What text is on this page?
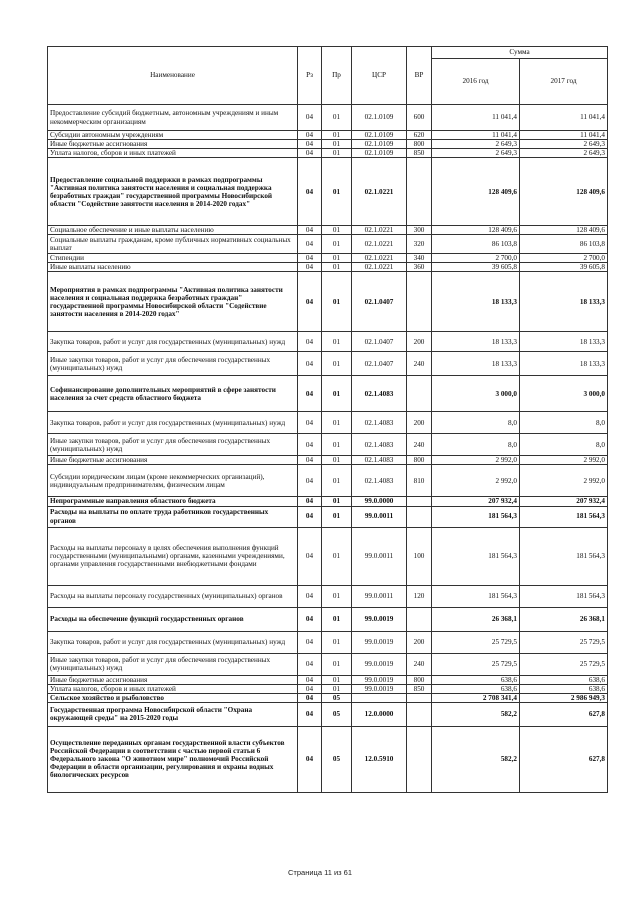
Наименование	Рз	Пр	ЦСР	ВР	Сумма	
					2016 год	2017 год
Предоставление субсидий бюджетным, автономным учреждениям и иным некоммерческим организациям	04	01	02.1.0109	600	11 041,4	11 041,4
Субсидии автономным учреждениям	04	01	02.1.0109	620	11 041,4	11 041,4
Иные бюджетные ассигнования	04	01	02.1.0109	800	2 649,3	2 649,3
Уплата налогов, сборов и иных платежей	04	01	02.1.0109	850	2 649,3	2 649,3
Предоставление социальной поддержки в рамках подпрограммы "Активная политика занятости населения и социальная поддержка безработных граждан" государственной программы Новосибирской области "Содействие занятости населения в 2014-2020 годах"	04	01	02.1.0221		128 409,6	128 409,6
Социальное обеспечение и иные выплаты населению	04	01	02.1.0221	300	128 409,6	128 409,6
Социальные выплаты гражданам, кроме публичных нормативных социальных выплат	04	01	02.1.0221	320	86 103,8	86 103,8
Стипендии	04	01	02.1.0221	340	2 700,0	2 700,0
Иные выплаты населению	04	01	02.1.0221	360	39 605,8	39 605,8
Мероприятия в рамках подпрограммы "Активная политика занятости населения и социальная поддержка безработных граждан" государственной программы Новосибирской области "Содействие занятости населения в 2014-2020 годах"	04	01	02.1.0407		18 133,3	18 133,3
Закупка товаров, работ и услуг для государственных (муниципальных) нужд	04	01	02.1.0407	200	18 133,3	18 133,3
Иные закупки товаров, работ и услуг для обеспечения государственных (муниципальных) нужд	04	01	02.1.0407	240	18 133,3	18 133,3
Софинансирование дополнительных мероприятий в сфере занятости населения за счет средств областного бюджета	04	01	02.1.4083		3 000,0	3 000,0
Закупка товаров, работ и услуг для государственных (муниципальных) нужд	04	01	02.1.4083	200	8,0	8,0
Иные закупки товаров, работ и услуг для обеспечения государственных (муниципальных) нужд	04	01	02.1.4083	240	8,0	8,0
Иные бюджетные ассигнования	04	01	02.1.4083	800	2 992,0	2 992,0
Субсидии юридическим лицам (кроме некоммерческих организаций), индивидуальным предпринимателям, физическим лицам	04	01	02.1.4083	810	2 992,0	2 992,0
Непрограммные направления областного бюджета	04	01	99.0.0000		207 932,4	207 932,4
Расходы на выплаты по оплате труда работников государственных органов	04	01	99.0.0011		181 564,3	181 564,3
Расходы на выплаты персоналу в целях обеспечения выполнения функций государственными (муниципальными) органами, казенными учреждениями, органами управления государственными внебюджетными фондами	04	01	99.0.0011	100	181 564,3	181 564,3
Расходы на выплаты персоналу государственных (муниципальных) органов	04	01	99.0.0011	120	181 564,3	181 564,3
Расходы на обеспечение функций государственных органов	04	01	99.0.0019		26 368,1	26 368,1
Закупка товаров, работ и услуг для государственных (муниципальных) нужд	04	01	99.0.0019	200	25 729,5	25 729,5
Иные закупки товаров, работ и услуг для обеспечения государственных (муниципальных) нужд	04	01	99.0.0019	240	25 729,5	25 729,5
Иные бюджетные ассигнования	04	01	99.0.0019	800	638,6	638,6
Уплата налогов, сборов и иных платежей	04	01	99.0.0019	850	638,6	638,6
Сельское хозяйство и рыболовство	04	05			2 708 341,4	2 986 949,3
Государственная программа Новосибирской области "Охрана окружающей среды" на 2015-2020 годы	04	05	12.0.0000		582,2	627,8
Осуществление переданных органам государственной власти субъектов Российской Федерации в соответствии с частью первой статьи 6 Федерального закона "О животном мире" полномочий Российской Федерации в области организации, регулирования и охраны водных биологических ресурсов	04	05	12.0.5910		582,2	627,8
Страница 11 из 61
